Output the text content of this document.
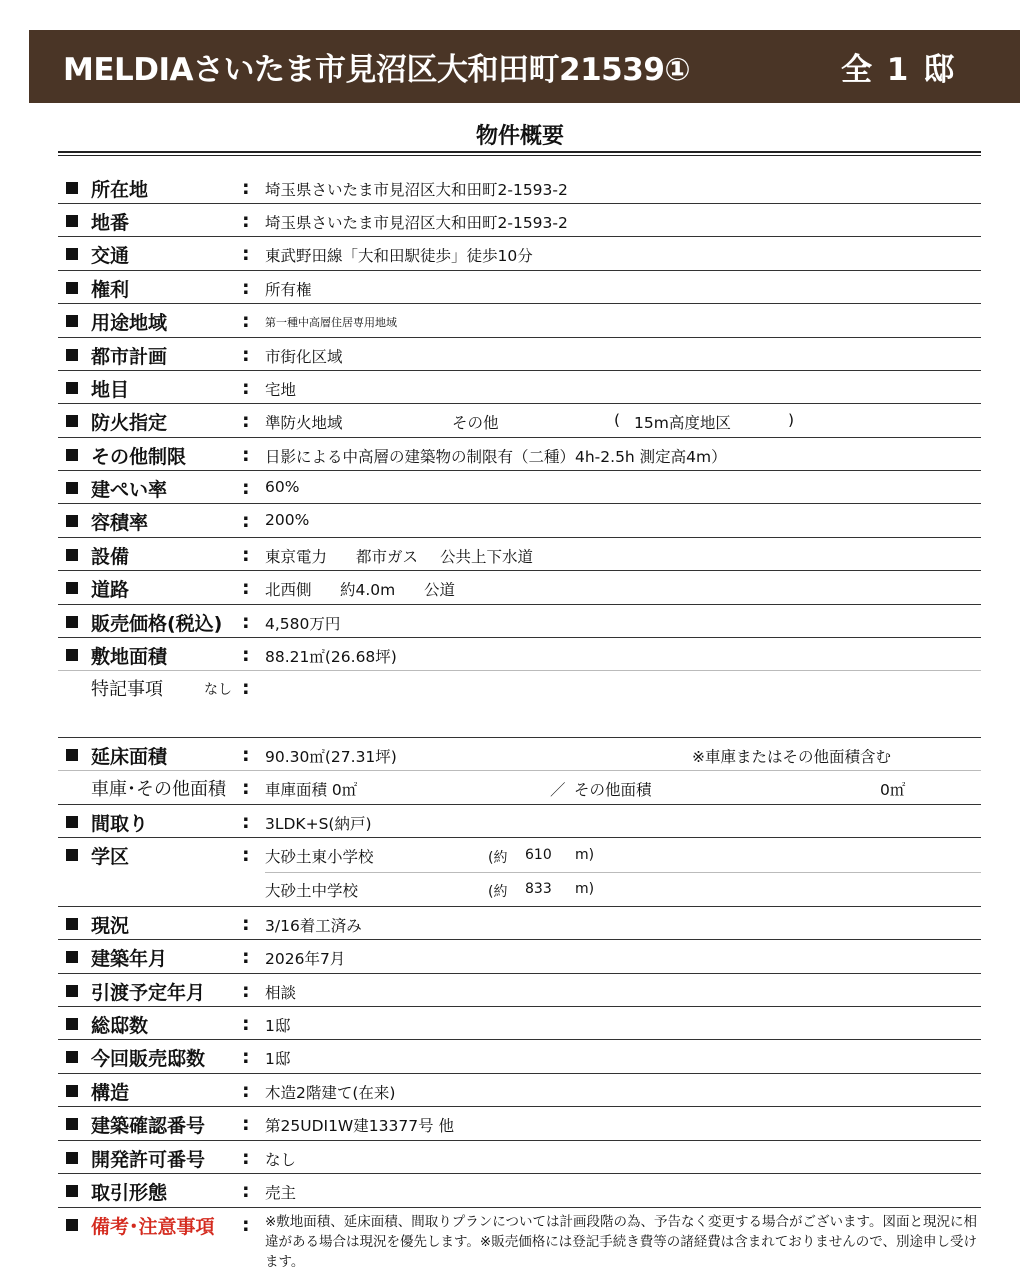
MELDIAさいたま市見沼区大和田町21539①	全 1 邸
物件概要
所在地	: 埼玉県さいたま市見沼区大和田町2-1593-2
地番	: 埼玉県さいたま市見沼区大和田町2-1593-2
交通	: 東武野田線「大和田駅徒歩」徒歩10分
権利	: 所有権
用途地域	: 第一種中高層住居専用地域
都市計画	: 市街化区域
地目	: 宅地
防火指定	: 準防火地域	その他	( 15m高度地区	)
その他制限	: 日影による中高層の建築物の制限有（二種）4h-2.5h 測定高4m）
建ぺい率	: 60%
容積率	: 200%
設備	: 東京電力 都市ガス 公共上下水道
道路	: 北西側 約4.0m 公道
販売価格(税込) : 4,580万円
敷地面積	: 88.21㎡(26.68坪)
特記事項	なし :
延床面積	: 90.30㎡(27.31坪)	※車庫またはその他面積含む
車庫･その他面積 : 車庫面積 0㎡	／ その他面積	0㎡
間取り	: 3LDK+S(納戸)
学区	: 大砂土東小学校	(約 610 m)
大砂土中学校	(約 833 m)
現況	: 3/16着工済み
建築年月	: 2026年7月
引渡予定年月 : 相談
総邸数	: 1邸
今回販売邸数 : 1邸
構造	: 木造2階建て(在来)
建築確認番号 : 第25UDI1W建13377号 他
開発許可番号 : なし
取引形態	: 売主
備考･注意事項 : ※敷地面積、延床面積、間取りプランについては計画段階の為、予告なく変更する場合がございます。図面と現況に相違がある場合は現況を優先します。※販売価格には登記手続き費等の諸経費は含まれておりませんので、別途申し受けます。
